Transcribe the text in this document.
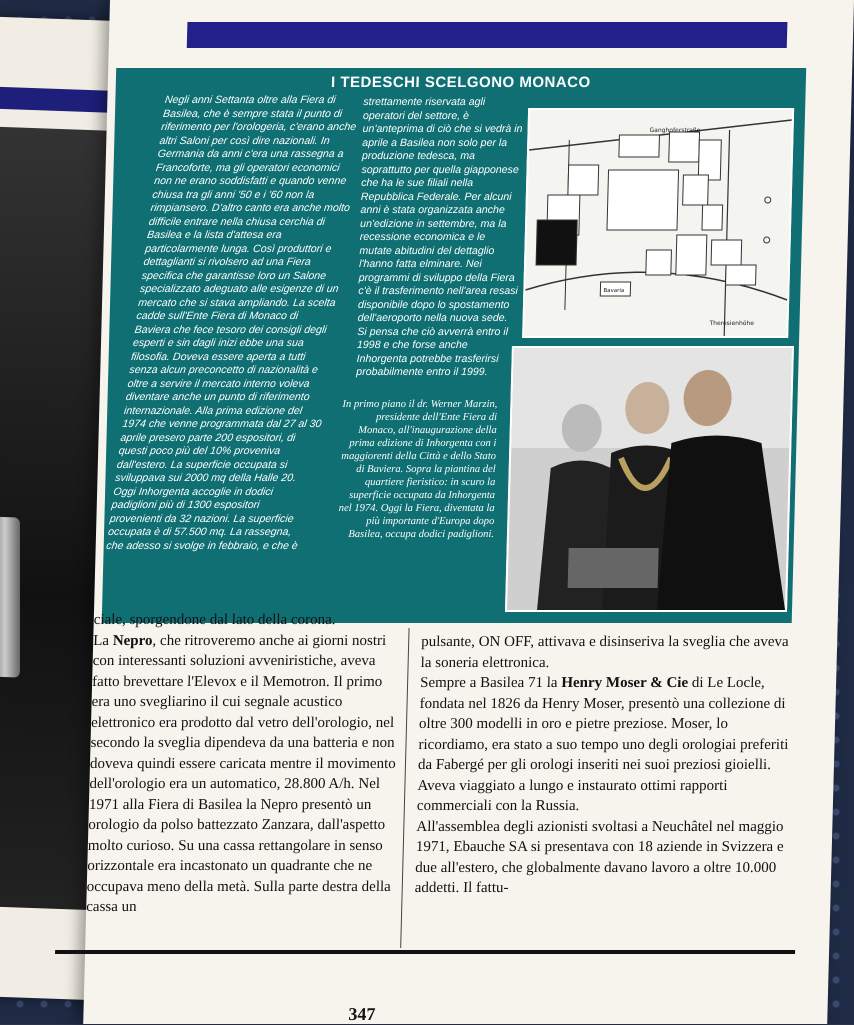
I TEDESCHI SCELGONO MONACO

Negli anni Settanta oltre alla Fiera di Basilea, che è sempre stata il punto di riferimento per l'orologeria, c'erano anche altri Saloni per così dire nazionali. In Germania da anni c'era una rassegna a Francoforte, ma gli operatori economici non ne erano soddisfatti e quando venne chiusa tra gli anni '50 e i '60 non la rimpiansero. D'altro canto era anche molto difficile entrare nella chiusa cerchia di Basilea e la lista d'attesa era particolarmente lunga. Così produttori e dettaglianti si rivolsero ad una Fiera specifica che garantisse loro un Salone specializzato adeguato alle esigenze di un mercato che si stava ampliando. La scelta cadde sull'Ente Fiera di Monaco di Baviera che fece tesoro dei consigli degli esperti e sin dagli inizi ebbe una sua filosofia. Doveva essere aperta a tutti senza alcun preconcetto di nazionalità e oltre a servire il mercato interno voleva diventare anche un punto di riferimento internazionale. Alla prima edizione del 1974 che venne programmata dal 27 al 30 aprile presero parte 200 espositori, di questi poco più del 10% proveniva dall'estero. La superficie occupata si sviluppava sui 2000 mq della Halle 20. Oggi Inhorgenta accoglie in dodici padiglioni più di 1300 espositori provenienti da 32 nazioni. La superficie occupata è di 57.500 mq. La rassegna, che adesso si svolge in febbraio, e che è

strettamente riservata agli operatori del settore, è un'anteprima di ciò che si vedrà in aprile a Basilea non solo per la produzione tedesca, ma soprattutto per quella giapponese che ha le sue filiali nella Repubblica Federale. Per alcuni anni è stata organizzata anche un'edizione in settembre, ma la recessione economica e le mutate abitudini del dettaglio l'hanno fatta elminare. Nei programmi di sviluppo della Fiera c'è il trasferimento nell'area resasi disponibile dopo lo spostamento dell'aeroporto nella nuova sede. Si pensa che ciò avverrà entro il 1998 e che forse anche Inhorgenta potrebbe trasferirsi probabilmente entro il 1999.

In primo piano il dr. Werner Marzin, presidente dell'Ente Fiera di Monaco, all'inaugurazione della prima edizione di Inhorgenta con i maggiorenti della Città e dello Stato di Baviera. Sopra la piantina del quartiere fieristico: in scuro la superficie occupata da Inhorgenta nel 1974. Oggi la Fiera, diventata la più importante d'Europa dopo Basilea, occupa dodici padiglioni.

Ganghoferstraße
Theresienhöhe
Bavaria

ciale, sporgendone dal lato della corona.

La Nepro, che ritroveremo anche ai giorni nostri con interessanti soluzioni avveniristiche, aveva fatto brevettare l'Elevox e il Memotron. Il primo era uno svegliarino il cui segnale acustico elettronico era prodotto dal vetro dell'orologio, nel secondo la sveglia dipendeva da una batteria e non doveva quindi essere caricata mentre il movimento dell'orologio era un automatico, 28.800 A/h. Nel 1971 alla Fiera di Basilea la Nepro presentò un orologio da polso battezzato Zanzara, dall'aspetto molto curioso. Su una cassa rettangolare in senso orizzontale era incastonato un quadrante che ne occupava meno della metà. Sulla parte destra della cassa un

pulsante, ON OFF, attivava e disinseriva la sveglia che aveva la soneria elettronica.

Sempre a Basilea 71 la Henry Moser & Cie di Le Locle, fondata nel 1826 da Henry Moser, presentò una collezione di oltre 300 modelli in oro e pietre preziose. Moser, lo ricordiamo, era stato a suo tempo uno degli orologiai preferiti da Fabergé per gli orologi inseriti nei suoi preziosi gioielli. Aveva viaggiato a lungo e instaurato ottimi rapporti commerciali con la Russia.

All'assemblea degli azionisti svoltasi a Neuchâtel nel maggio 1971, Ebauche SA si presentava con 18 aziende in Svizzera e due all'estero, che globalmente davano lavoro a oltre 10.000 addetti. Il fattu-

347
